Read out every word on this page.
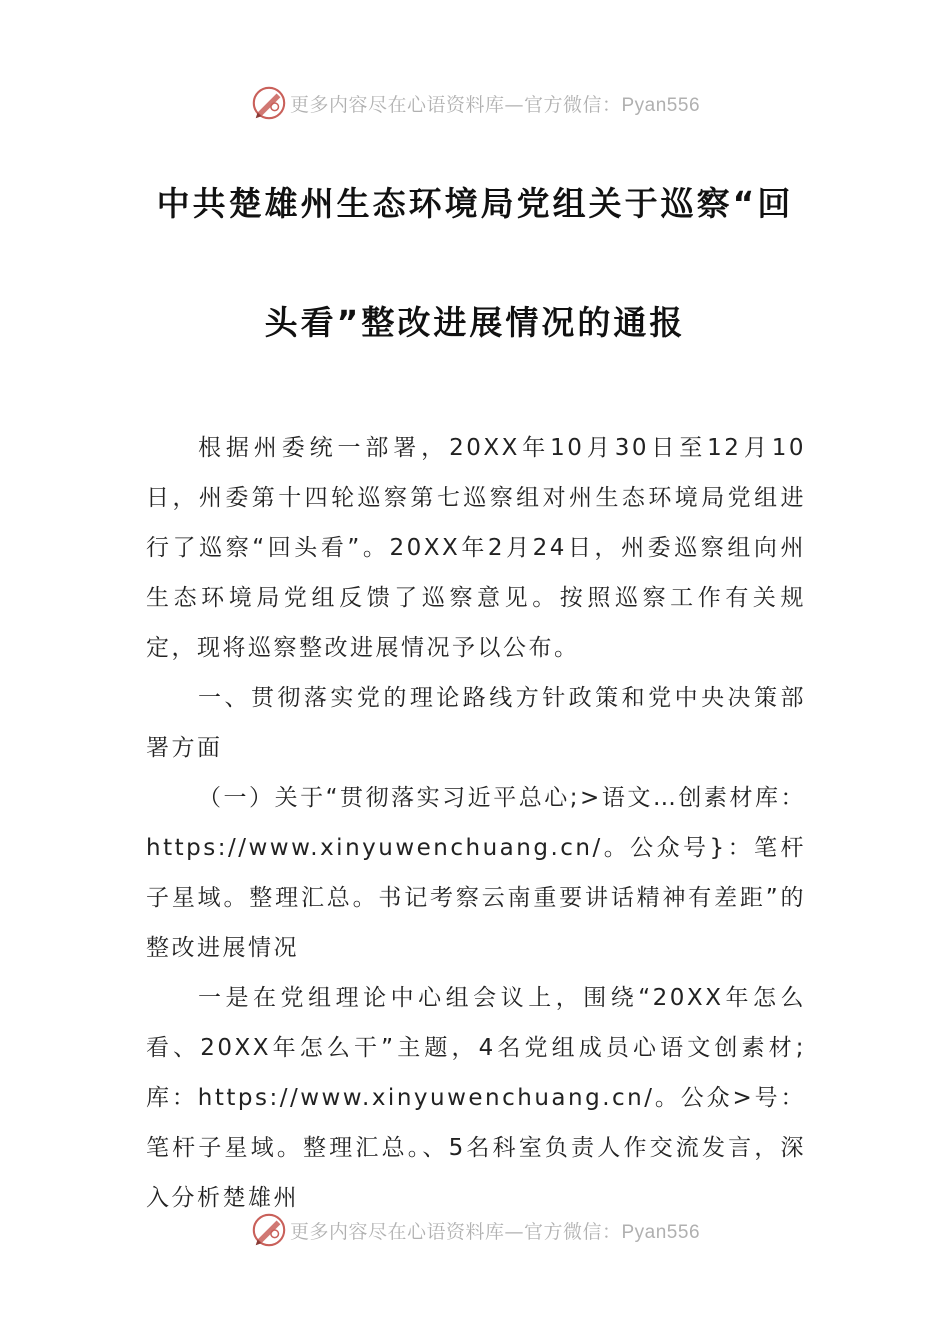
更多内容尽在心语资料库—官方微信：Pyan556
中共楚雄州生态环境局党组关于巡察“回
头看”整改进展情况的通报

根据州委统一部署，20XX年10月30日至12月10日，州委第十四轮巡察第七巡察组对州生态环境局党组进行了巡察“回头看”。20XX年2月24日，州委巡察组向州生态环境局党组反馈了巡察意见。按照巡察工作有关规定，现将巡察整改进展情况予以公布。

一、贯彻落实党的理论路线方针政策和党中央决策部署方面

（一）关于“贯彻落实习近平总心;>语文…创素材库：https://www.xinyuwenchuang.cn/。公众号}：笔杆子星域。整理汇总。书记考察云南重要讲话精神有差距”的整改进展情况

一是在党组理论中心组会议上，围绕“20XX年怎么看、20XX年怎么干”主题，4名党组成员心语文创素材;库：https://www.xinyuwenchuang.cn/。公众>号：笔杆子星域。整理汇总。、5名科室负责人作交流发言，深入分析楚雄州

更多内容尽在心语资料库—官方微信：Pyan556
